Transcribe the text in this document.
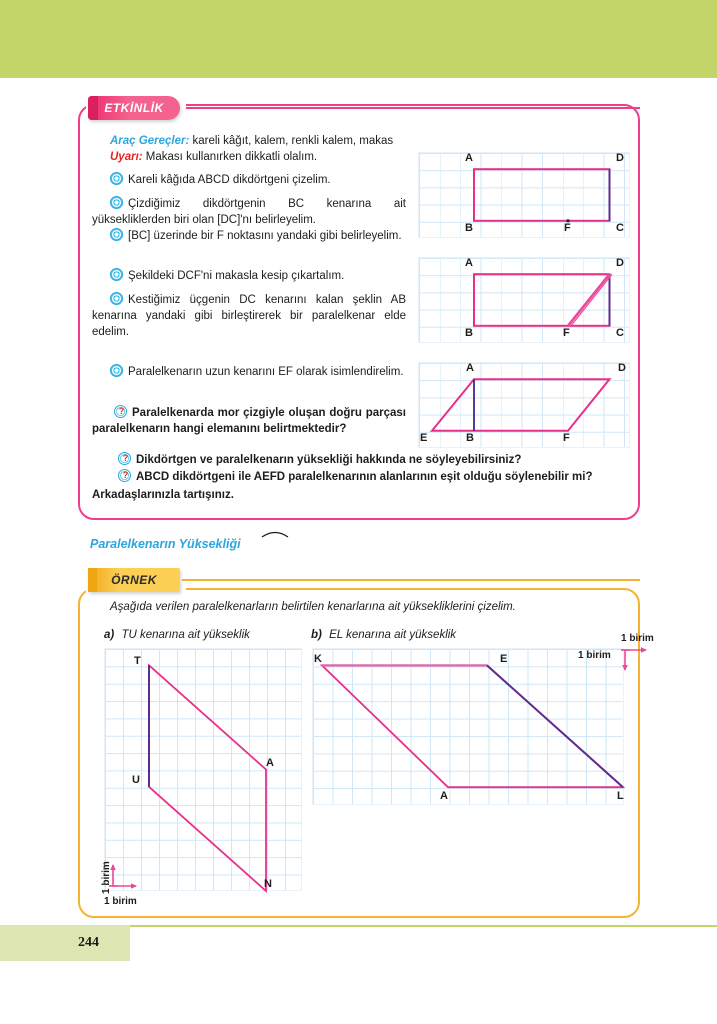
ETKİNLİK
Araç Gereçler: kareli kâğıt, kalem, renkli kalem, makas
Uyarı: Makası kullanırken dikkatli olalım.
Kareli kâğıda ABCD dikdörtgeni çizelim.
Çizdiğimiz dikdörtgenin BC kenarına ait yüksekliklerden biri olan [DC]'nı belirleyelim.
[BC] üzerinde bir F noktasını yandaki gibi belirleyelim.
Şekildeki DCF'ni makasla kesip çıkartalım.
Kestiğimiz üçgenin DC kenarını kalan şeklin AB kenarına yandaki gibi birleştirerek bir paralelkenar elde edelim.
Paralelkenarın uzun kenarını EF olarak isimlendirelim.
?Paralelkenarda mor çizgiyle oluşan doğru parçası paralelkenarın hangi elemanını belirtmektedir?
?Dikdörtgen ve paralelkenarın yüksekliği hakkında ne söyleyebilirsiniz?
?ABCD dikdörtgeni ile AEFD paralelkenarının alanlarının eşit olduğu söylenebilir mi?
Arkadaşlarınızla tartışınız.
A	D
B	F	C
A	D
B	F	C
A	D
E	B	F
Paralelkenarın Yüksekliği
ÖRNEK
Aşağıda verilen paralelkenarların belirtilen kenarlarına ait yüksekliklerini çizelim.
a) TU kenarına ait yükseklik	b) EL kenarına ait yükseklik
T
U
A
N
1 birim
1 birim
K	E
A	L
1 birim
1 birim
244
